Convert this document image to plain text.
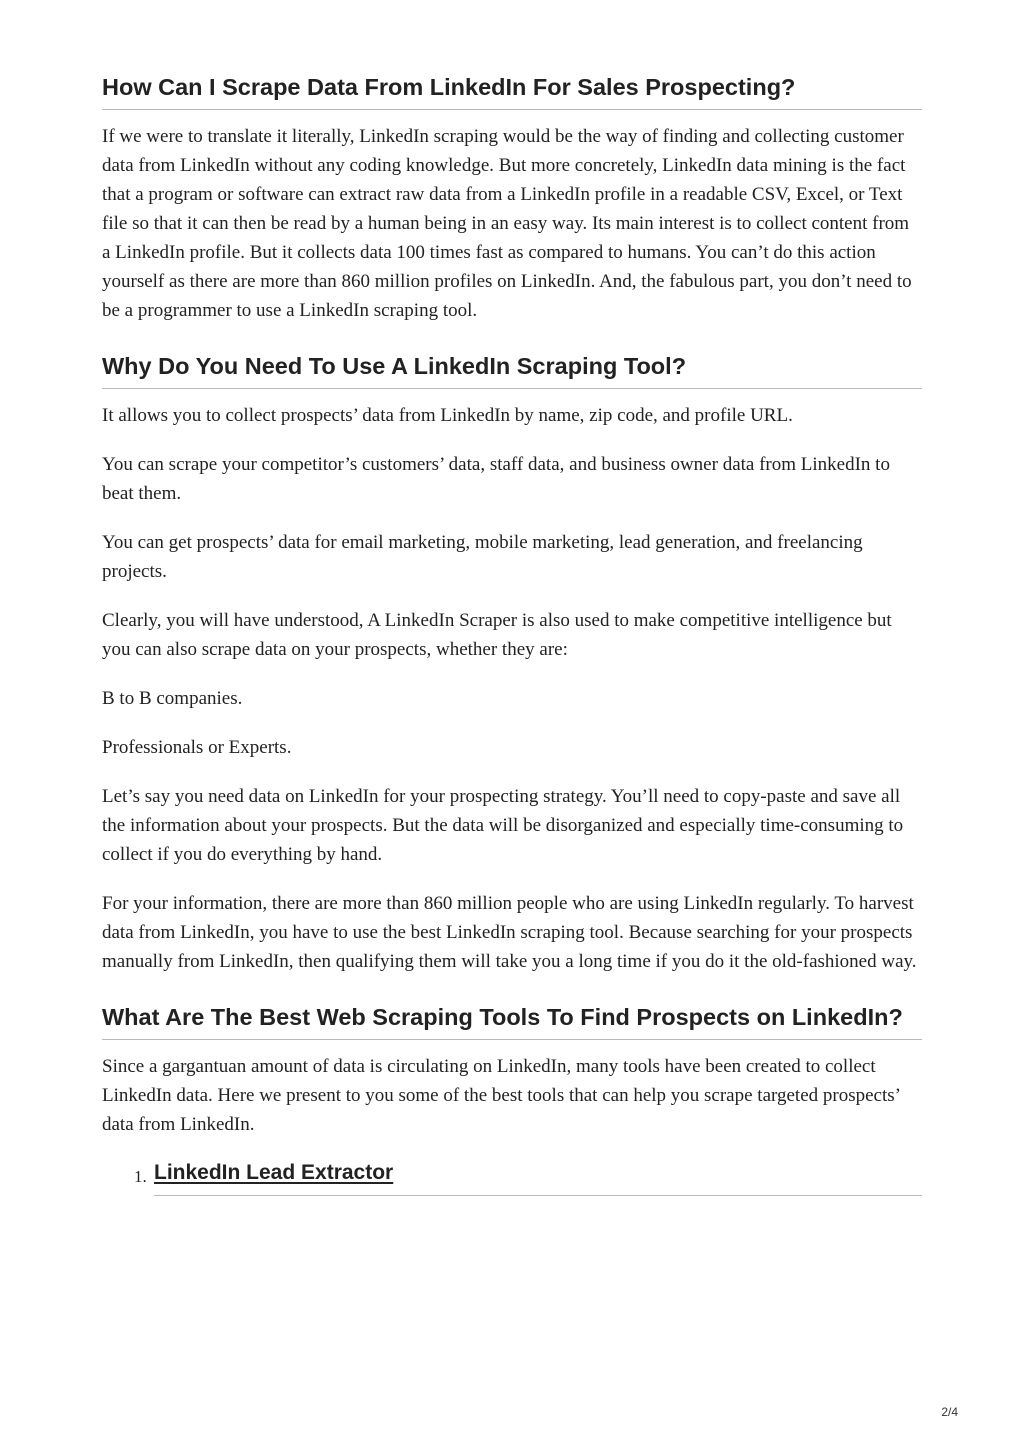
How Can I Scrape Data From LinkedIn For Sales Prospecting?

If we were to translate it literally, LinkedIn scraping would be the way of finding and collecting customer data from LinkedIn without any coding knowledge. But more concretely, LinkedIn data mining is the fact that a program or software can extract raw data from a LinkedIn profile in a readable CSV, Excel, or Text file so that it can then be read by a human being in an easy way. Its main interest is to collect content from a LinkedIn profile. But it collects data 100 times fast as compared to humans. You can’t do this action yourself as there are more than 860 million profiles on LinkedIn. And, the fabulous part, you don’t need to be a programmer to use a LinkedIn scraping tool.

Why Do You Need To Use A LinkedIn Scraping Tool?

It allows you to collect prospects’ data from LinkedIn by name, zip code, and profile URL.

You can scrape your competitor’s customers’ data, staff data, and business owner data from LinkedIn to beat them.

You can get prospects’ data for email marketing, mobile marketing, lead generation, and freelancing projects.

Clearly, you will have understood, A LinkedIn Scraper is also used to make competitive intelligence but you can also scrape data on your prospects, whether they are:

B to B companies.

Professionals or Experts.

Let’s say you need data on LinkedIn for your prospecting strategy. You’ll need to copy-paste and save all the information about your prospects. But the data will be disorganized and especially time-consuming to collect if you do everything by hand.

For your information, there are more than 860 million people who are using LinkedIn regularly. To harvest data from LinkedIn, you have to use the best LinkedIn scraping tool. Because searching for your prospects manually from LinkedIn, then qualifying them will take you a long time if you do it the old-fashioned way.

What Are The Best Web Scraping Tools To Find Prospects on LinkedIn?

Since a gargantuan amount of data is circulating on LinkedIn, many tools have been created to collect LinkedIn data. Here we present to you some of the best tools that can help you scrape targeted prospects’ data from LinkedIn.

1. LinkedIn Lead Extractor
2/4
